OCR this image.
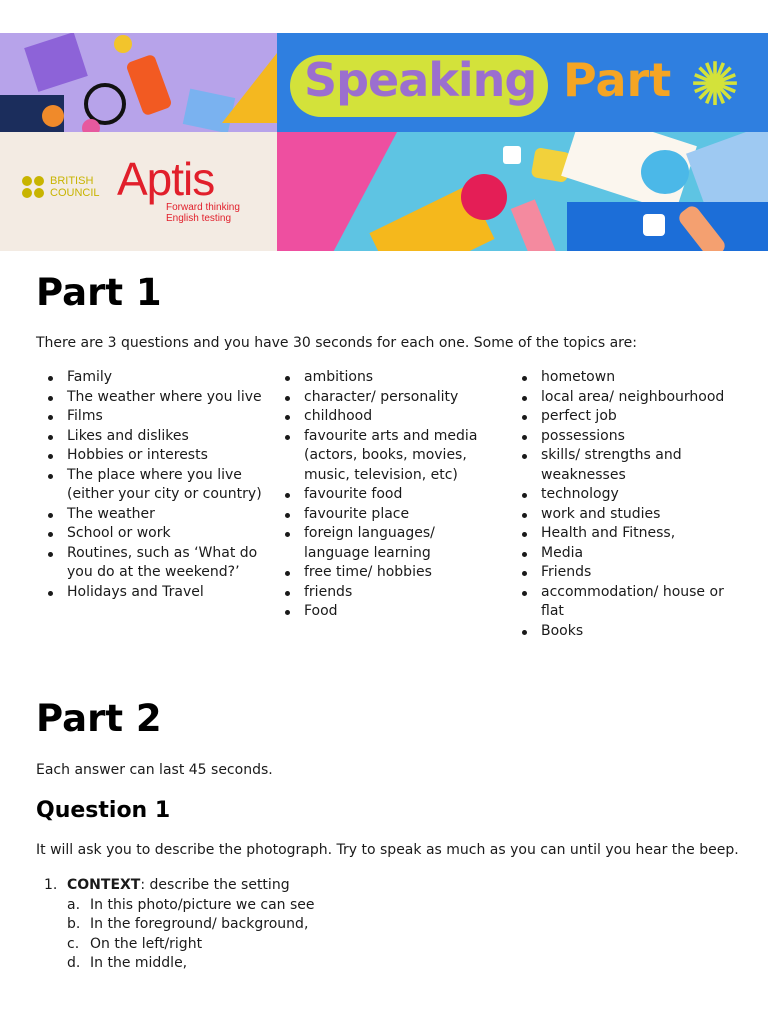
Speaking Part ✺
BRITISH
COUNCIL Aptis
Forward thinking
English testing
Part 1

There are 3 questions and you have 30 seconds for each one. Some of the topics are:

Family
The weather where you live
Films
Likes and dislikes
Hobbies or interests
The place where you live (either your city or country)
The weather
School or work
Routines, such as ‘What do you do at the weekend?’
Holidays and Travel
ambitions
character/ personality
childhood
favourite arts and media (actors, books, movies, music, television, etc)
favourite food
favourite place
foreign languages/ language learning
free time/ hobbies
friends
Food
hometown
local area/ neighbourhood
perfect job
possessions
skills/ strengths and weaknesses
technology
work and studies
Health and Fitness,
Media
Friends
accommodation/ house or flat
Books
Part 2

Each answer can last 45 seconds.

Question 1

It will ask you to describe the photograph. Try to speak as much as you can until you hear the beep.

1. CONTEXT: describe the setting
a. In this photo/picture we can see
b. In the foreground/ background,
c. On the left/right
d. In the middle,
